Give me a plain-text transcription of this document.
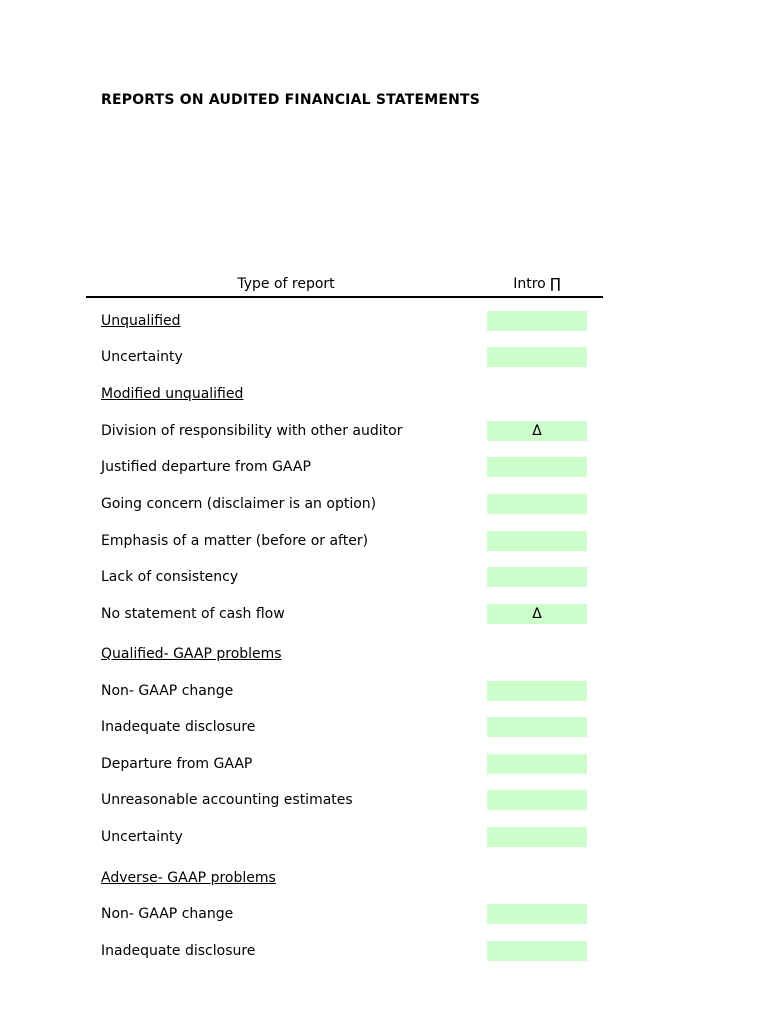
REPORTS ON AUDITED FINANCIAL STATEMENTS
Type of report	Intro ∏
Unqualified
Uncertainty
Modified unqualified
Division of responsibility with other auditor	Δ
Justified departure from GAAP
Going concern (disclaimer is an option)
Emphasis of a matter (before or after)
Lack of consistency
No statement of cash flow	Δ
Qualified- GAAP problems
Non- GAAP change
Inadequate disclosure
Departure from GAAP
Unreasonable accounting estimates
Uncertainty
Adverse- GAAP problems
Non- GAAP change
Inadequate disclosure
